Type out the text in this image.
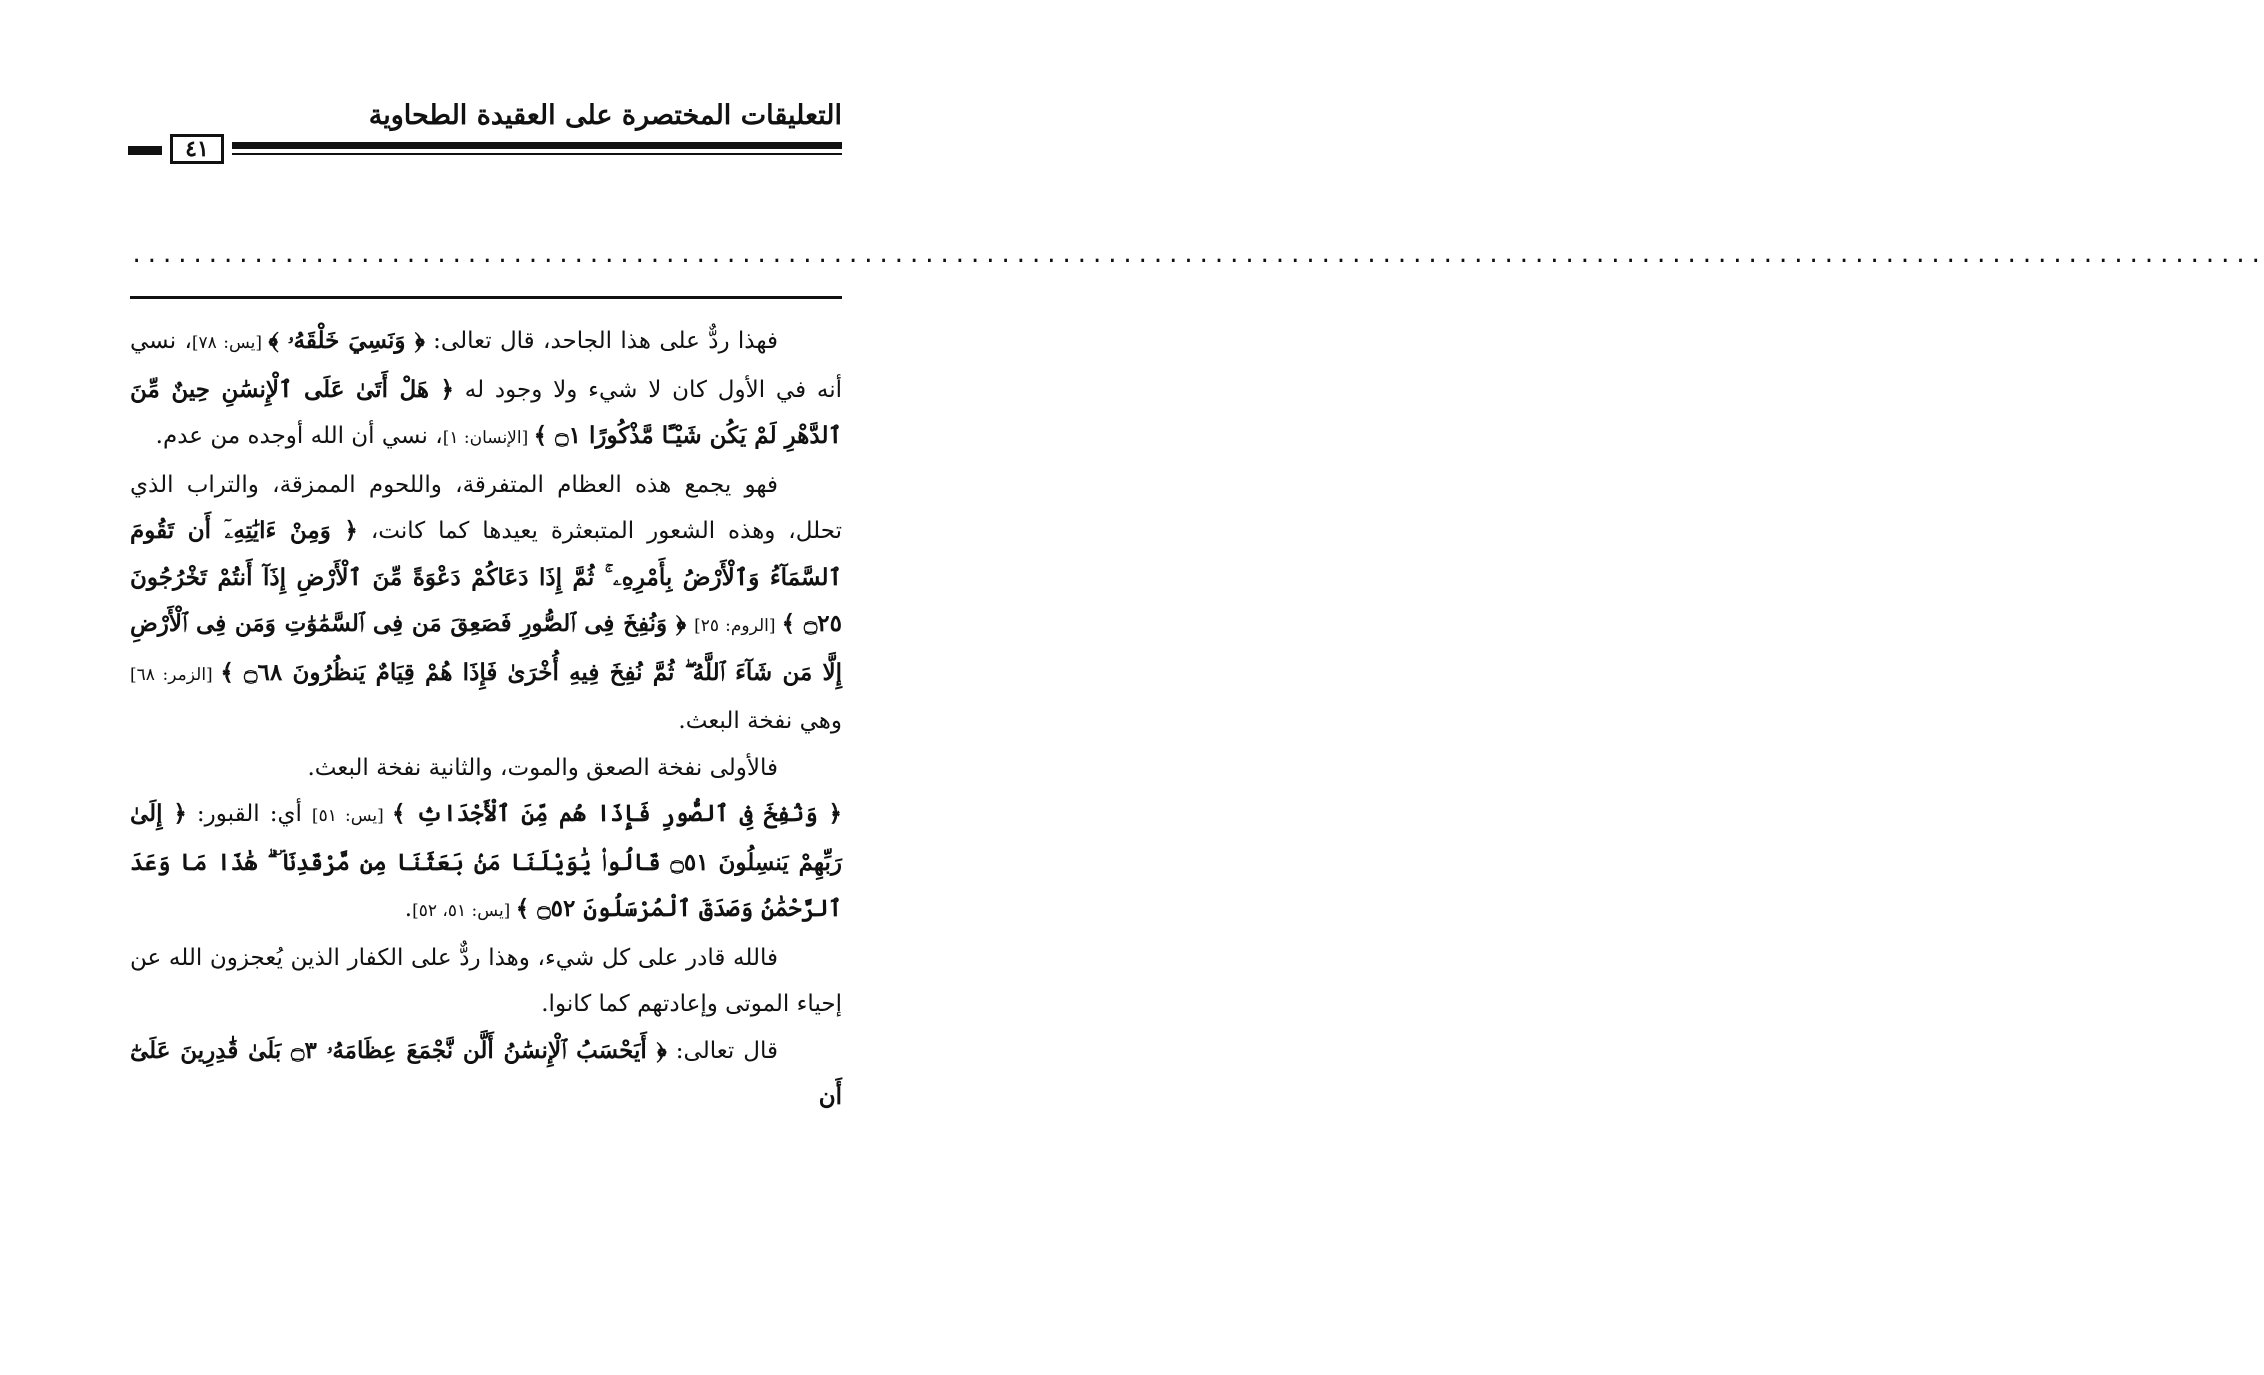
التعليقات المختصرة على العقيدة الطحاوية
٤١
............................................................................................................................................

فهذا ردٌّ على هذا الجاحد، قال تعالى: ﴿ وَنَسِيَ خَلْقَهُۥ ﴾ [يس: ٧٨]، نسي أنه في الأول كان لا شيء ولا وجود له ﴿ هَلْ أَتَىٰ عَلَى ٱلْإِنسَٰنِ حِينٌ مِّنَ ٱلدَّهْرِ لَمْ يَكُن شَيْـًٔا مَّذْكُورًا ۝١ ﴾ [الإنسان: ١]، نسي أن الله أوجده من عدم.

فهو يجمع هذه العظام المتفرقة، واللحوم الممزقة، والتراب الذي تحلل، وهذه الشعور المتبعثرة يعيدها كما كانت، ﴿ وَمِنْ ءَايَٰتِهِۦٓ أَن تَقُومَ ٱلسَّمَآءُ وَٱلْأَرْضُ بِأَمْرِهِۦ ۚ ثُمَّ إِذَا دَعَاكُمْ دَعْوَةً مِّنَ ٱلْأَرْضِ إِذَآ أَنتُمْ تَخْرُجُونَ ۝٢٥ ﴾ [الروم: ٢٥] ﴿ وَنُفِخَ فِى ٱلصُّورِ فَصَعِقَ مَن فِى ٱلسَّمَٰوَٰتِ وَمَن فِى ٱلْأَرْضِ إِلَّا مَن شَآءَ ٱللَّهُ ۖ ثُمَّ نُفِخَ فِيهِ أُخْرَىٰ فَإِذَا هُمْ قِيَامٌ يَنظُرُونَ ۝٦٨ ﴾ [الزمر: ٦٨] وهي نفخة البعث.

فالأولى نفخة الصعق والموت، والثانية نفخة البعث.

﴿ وَنُفِخَ فِى ٱلصُّورِ فَإِذَا هُم مِّنَ ٱلْأَجْدَاثِ ﴾ [يس: ٥١] أي: القبور: ﴿ إِلَىٰ رَبِّهِمْ يَنسِلُونَ ۝٥١ قَالُوا۟ يَٰوَيْلَنَا مَنۢ بَعَثَنَا مِن مَّرْقَدِنَا ۜ ۗ هَٰذَا مَا وَعَدَ ٱلرَّحْمَٰنُ وَصَدَقَ ٱلْمُرْسَلُونَ ۝٥٢ ﴾ [يس: ٥١، ٥٢].

فالله قادر على كل شيء، وهذا ردٌّ على الكفار الذين يُعجزون الله عن إحياء الموتى وإعادتهم كما كانوا.

قال تعالى: ﴿ أَيَحْسَبُ ٱلْإِنسَٰنُ أَلَّن نَّجْمَعَ عِظَامَهُۥ ۝٣ بَلَىٰ قَٰدِرِينَ عَلَىٰٓ أَن
